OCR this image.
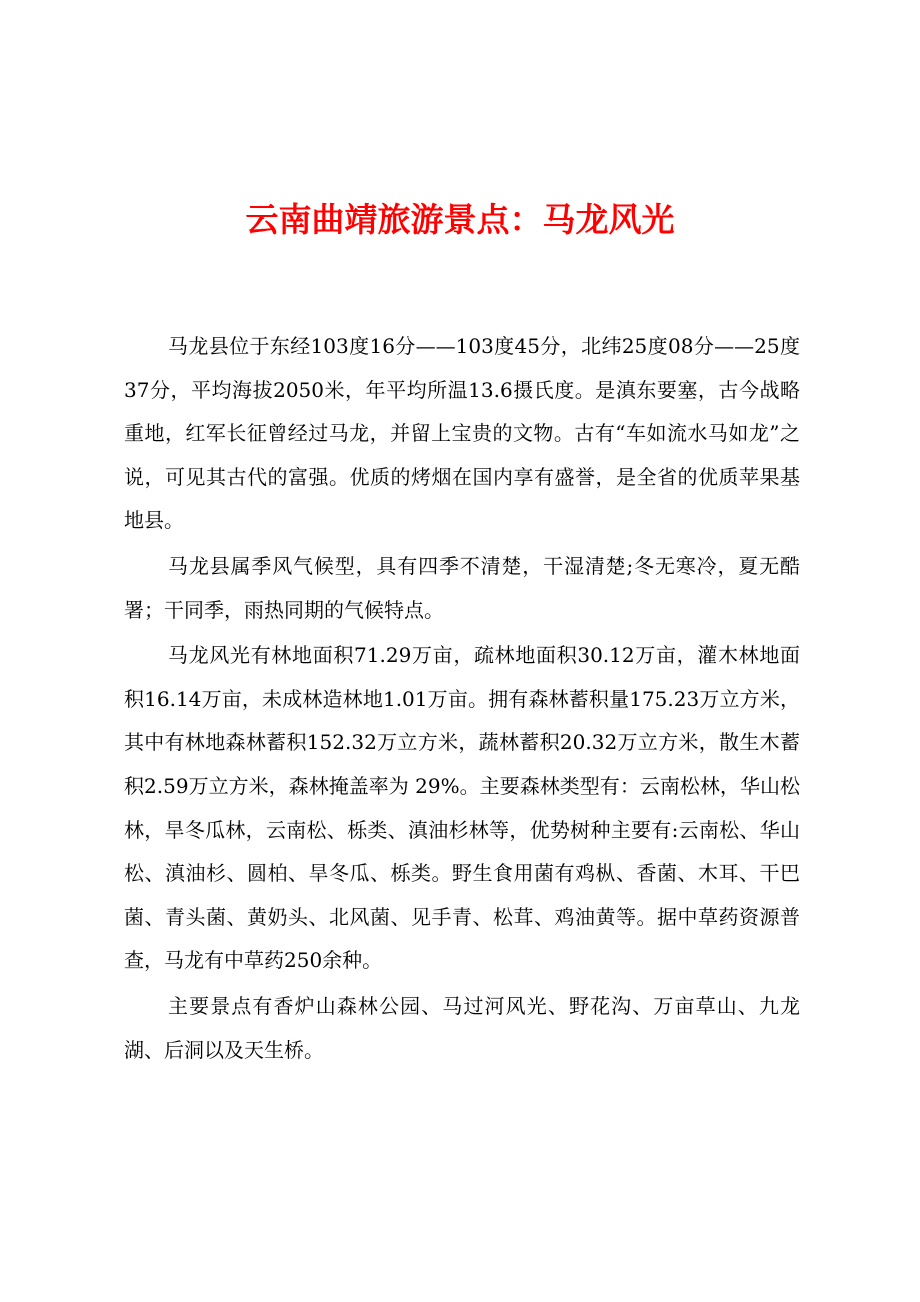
云南曲靖旅游景点：马龙风光

马龙县位于东经103度16分——103度45分，北纬25度08分——25度37分，平均海拔2050米，年平均所温13.6摄氏度。是滇东要塞，古今战略重地，红军长征曾经过马龙，并留上宝贵的文物。古有“车如流水马如龙”之说，可见其古代的富强。优质的烤烟在国内享有盛誉，是全省的优质苹果基地县。

马龙县属季风气候型，具有四季不清楚，干湿清楚;冬无寒冷，夏无酷署；干同季，雨热同期的气候特点。

马龙风光有林地面积71.29万亩，疏林地面积30.12万亩，灌木林地面积16.14万亩，未成林造林地1.01万亩。拥有森林蓄积量175.23万立方米，其中有林地森林蓄积152.32万立方米，蔬林蓄积20.32万立方米，散生木蓄积2.59万立方米，森林掩盖率为 29%。主要森林类型有：云南松林，华山松林，旱冬瓜林，云南松、栎类、滇油杉林等，优势树种主要有:云南松、华山松、滇油杉、圆柏、旱冬瓜、栎类。野生食用菌有鸡枞、香菌、木耳、干巴菌、青头菌、黄奶头、北风菌、见手青、松茸、鸡油黄等。据中草药资源普查，马龙有中草药250余种。

主要景点有香炉山森林公园、马过河风光、野花沟、万亩草山、九龙湖、后洞以及天生桥。
